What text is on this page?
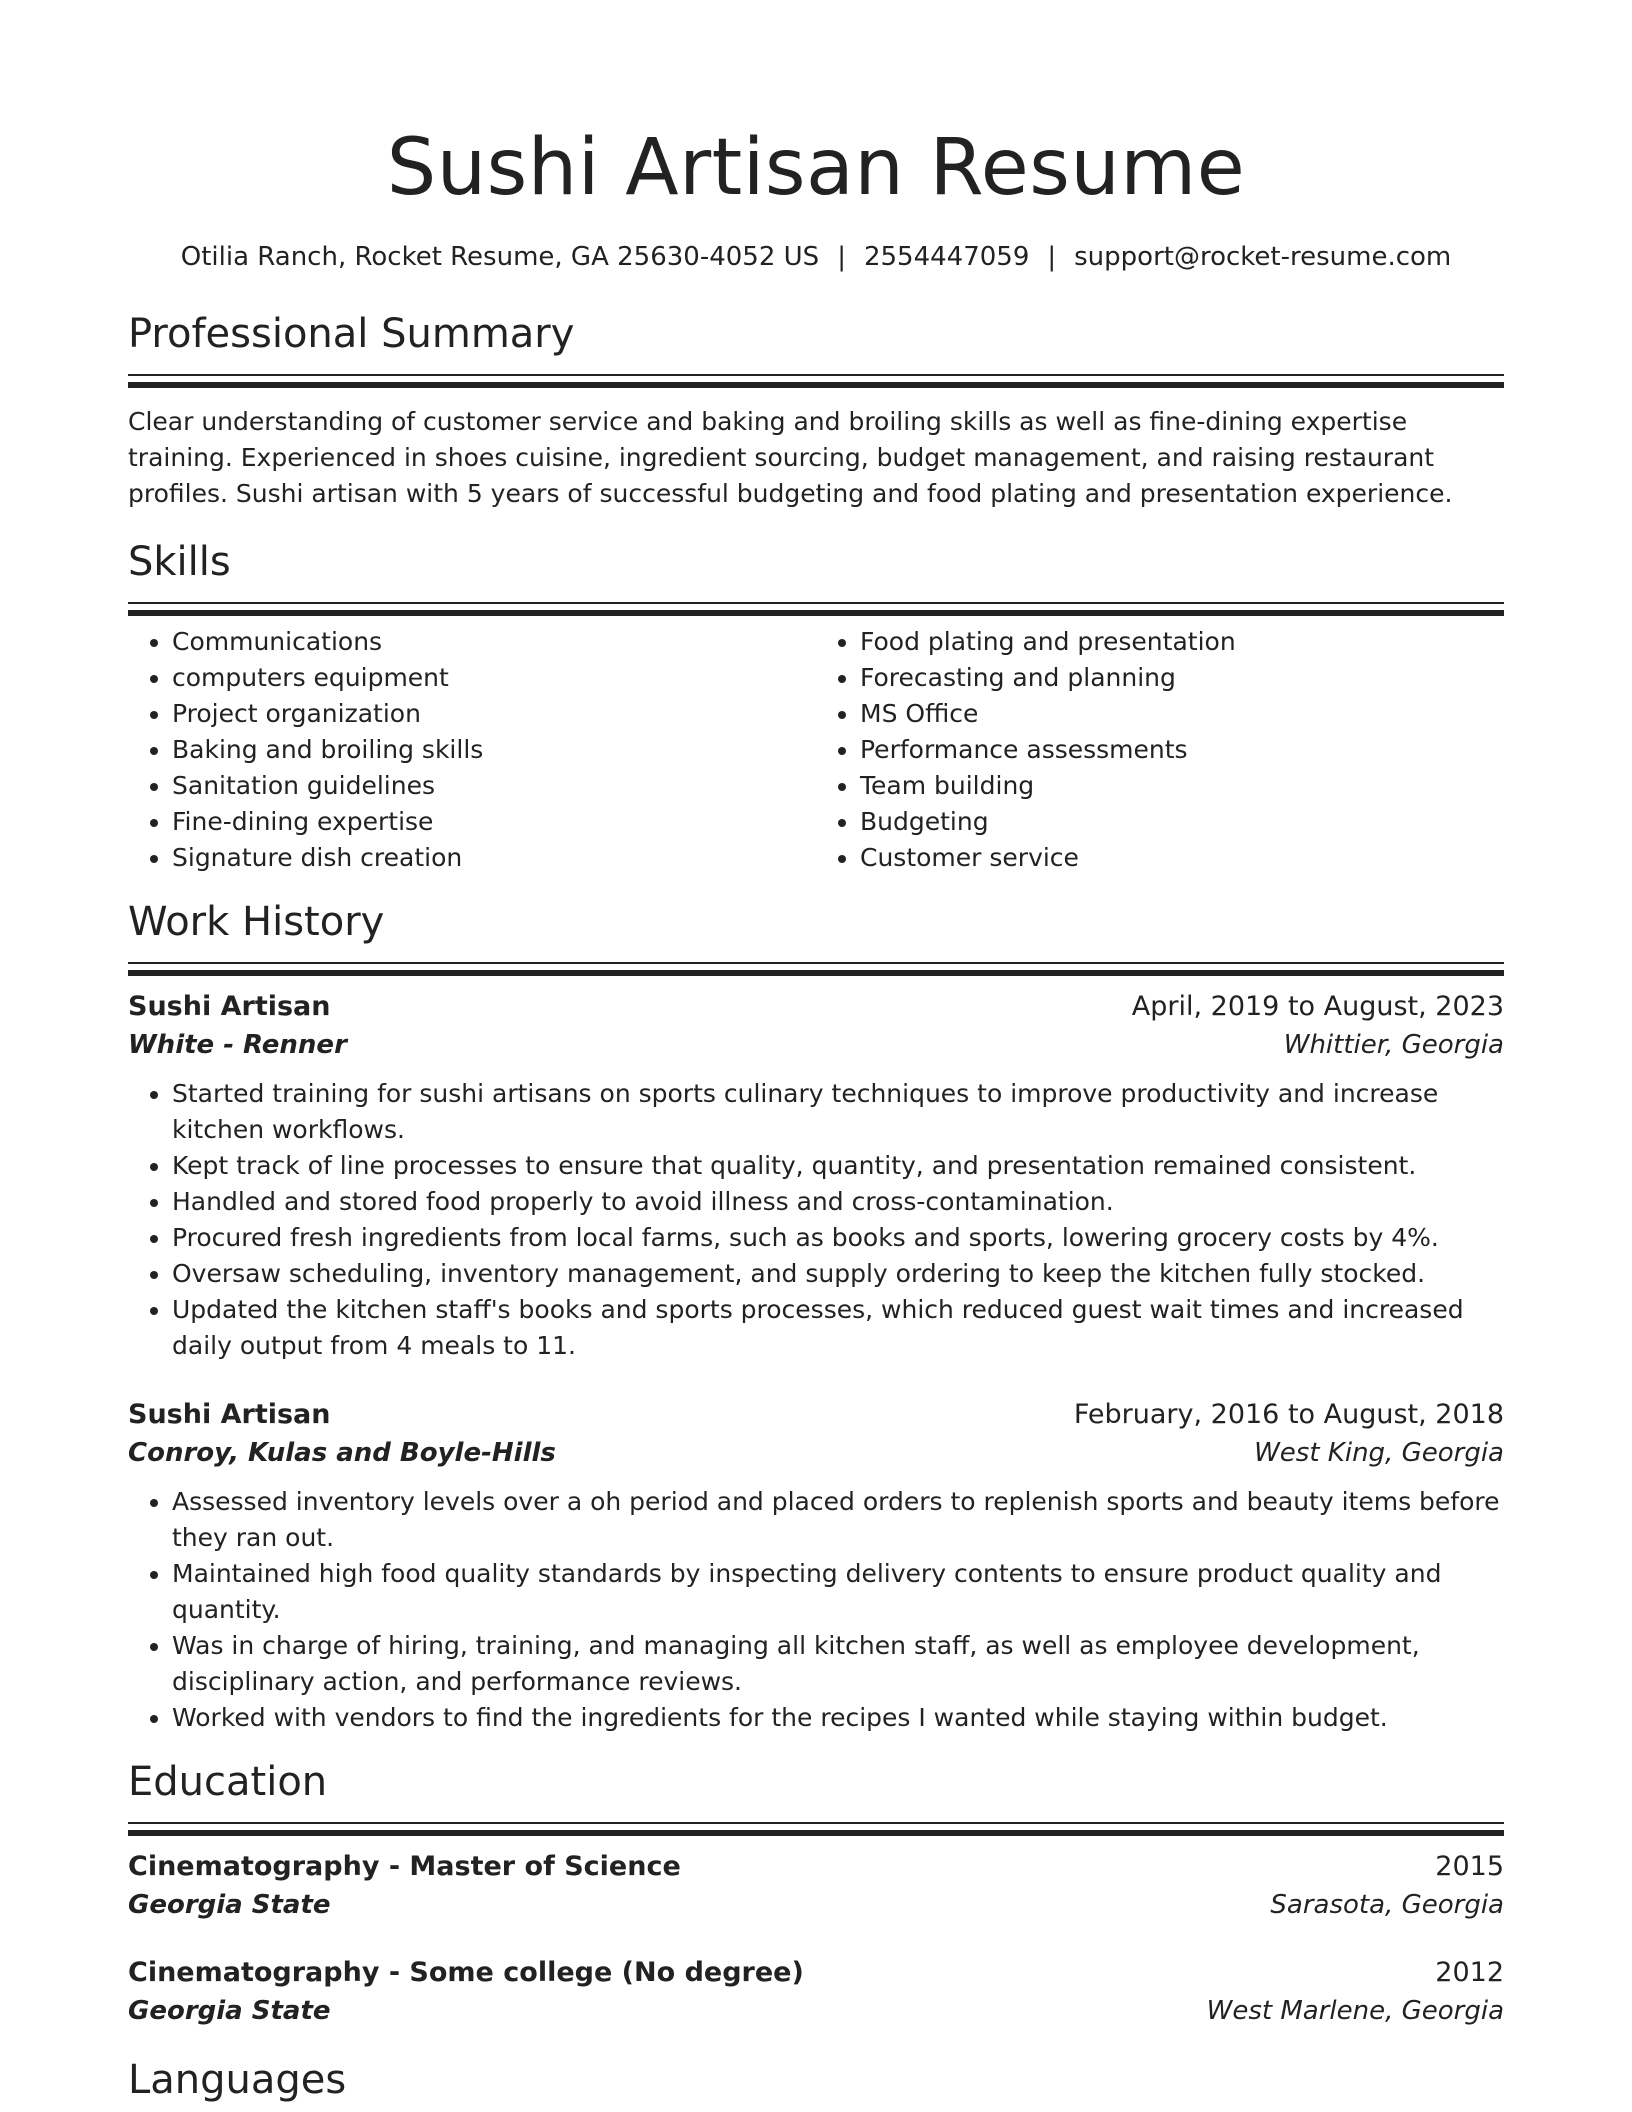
Sushi Artisan Resume
Otilia Ranch, Rocket Resume, GA 25630-4052 US | 2554447059 | support@rocket-resume.com
Professional Summary

Clear understanding of customer service and baking and broiling skills as well as fine-dining expertise training. Experienced in shoes cuisine, ingredient sourcing, budget management, and raising restaurant profiles. Sushi artisan with 5 years of successful budgeting and food plating and presentation experience.

Skills
• Communications
• computers equipment
• Project organization
• Baking and broiling skills
• Sanitation guidelines
• Fine-dining expertise
• Signature dish creation
• Food plating and presentation
• Forecasting and planning
• MS Office
• Performance assessments
• Team building
• Budgeting
• Customer service
Work History
Sushi Artisan	April, 2019 to August, 2023
White - Renner	Whittier, Georgia
• Started training for sushi artisans on sports culinary techniques to improve productivity and increase kitchen workflows.
• Kept track of line processes to ensure that quality, quantity, and presentation remained consistent.
• Handled and stored food properly to avoid illness and cross-contamination.
• Procured fresh ingredients from local farms, such as books and sports, lowering grocery costs by 4%.
• Oversaw scheduling, inventory management, and supply ordering to keep the kitchen fully stocked.
• Updated the kitchen staff's books and sports processes, which reduced guest wait times and increased daily output from 4 meals to 11.
Sushi Artisan	February, 2016 to August, 2018
Conroy, Kulas and Boyle-Hills	West King, Georgia
• Assessed inventory levels over a oh period and placed orders to replenish sports and beauty items before they ran out.
• Maintained high food quality standards by inspecting delivery contents to ensure product quality and quantity.
• Was in charge of hiring, training, and managing all kitchen staff, as well as employee development, disciplinary action, and performance reviews.
• Worked with vendors to find the ingredients for the recipes I wanted while staying within budget.
Education
Cinematography - Master of Science	2015
Georgia State	Sarasota, Georgia
Cinematography - Some college (No degree)	2012
Georgia State	West Marlene, Georgia
Languages
